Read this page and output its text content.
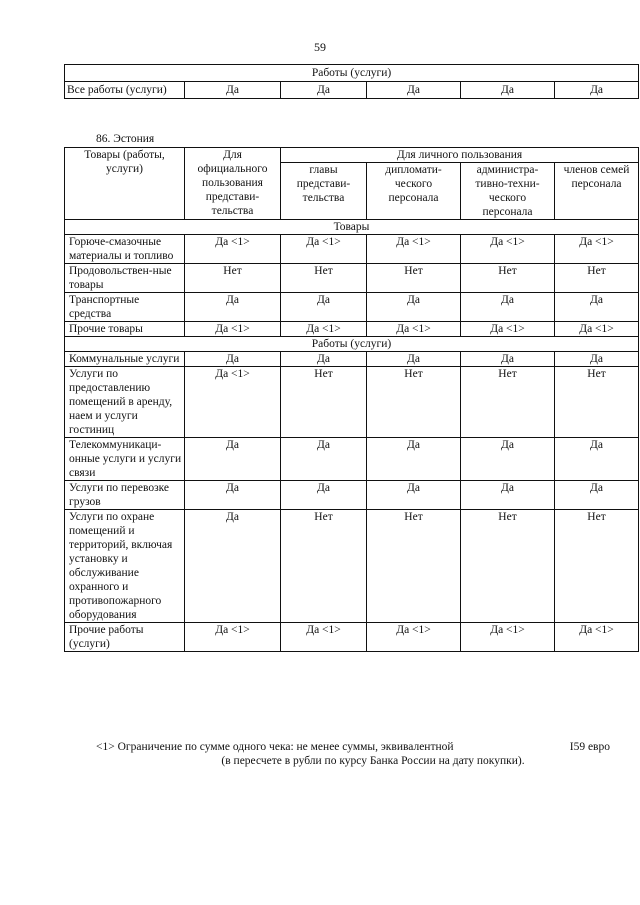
59
Работы (услуги)
Все работы (услуги)	Да	Да	Да	Да	Да
86. Эстония
Товары (работы, услуги)	Для официального пользования представи-тельства	Для личного пользования			
		главы представи-тельства	дипломати-ческого персонала	администра-тивно-техни-ческого персонала	членов семей персонала
Товары					
Горюче-смазочные материалы и топливо	Да <1>	Да <1>	Да <1>	Да <1>	Да <1>
Продовольствен-ные товары	Нет	Нет	Нет	Нет	Нет
Транспортные средства	Да	Да	Да	Да	Да
Прочие товары	Да <1>	Да <1>	Да <1>	Да <1>	Да <1>
Работы (услуги)					
Коммунальные услуги	Да	Да	Да	Да	Да
Услуги по предоставлению помещений в аренду, наем и услуги гостиниц	Да <1>	Нет	Нет	Нет	Нет
Телекоммуникаци-онные услуги и услуги связи	Да	Да	Да	Да	Да
Услуги по перевозке грузов	Да	Да	Да	Да	Да
Услуги по охране помещений и территорий, включая установку и обслуживание охранного и противопожарного оборудования	Да	Нет	Нет	Нет	Нет
Прочие работы (услуги)	Да <1>	Да <1>	Да <1>	Да <1>	Да <1>
<1> Ограничение по сумме одного чека: не менее суммы, эквивалентной	I59 евро
(в пересчете в рубли по курсу Банка России на дату покупки).
